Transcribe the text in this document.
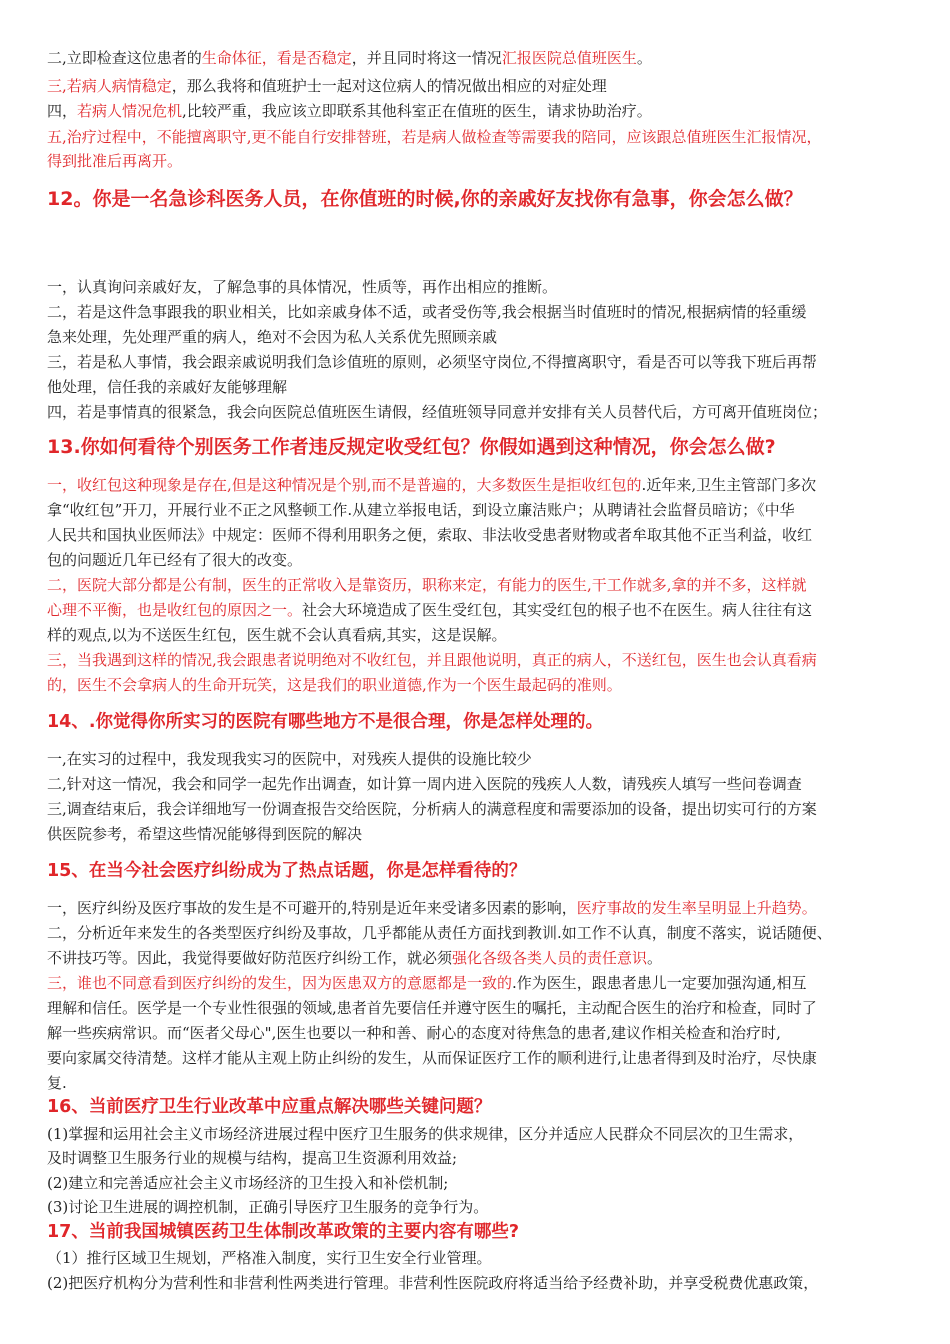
二,立即检查这位患者的生命体征，看是否稳定，并且同时将这一情况汇报医院总值班医生。
三,若病人病情稳定，那么我将和值班护士一起对这位病人的情况做出相应的对症处理
四，若病人情况危机,比较严重，我应该立即联系其他科室正在值班的医生，请求协助治疗。
五,治疗过程中，不能擅离职守,更不能自行安排替班，若是病人做检查等需要我的陪同，应该跟总值班医生汇报情况，
得到批准后再离开。
12。你是一名急诊科医务人员，在你值班的时候,你的亲戚好友找你有急事，你会怎么做？
一，认真询问亲戚好友，了解急事的具体情况，性质等，再作出相应的推断。
二，若是这件急事跟我的职业相关，比如亲戚身体不适，或者受伤等,我会根据当时值班时的情况,根据病情的轻重缓
急来处理，先处理严重的病人，绝对不会因为私人关系优先照顾亲戚
三，若是私人事情，我会跟亲戚说明我们急诊值班的原则，必须坚守岗位,不得擅离职守，看是否可以等我下班后再帮
他处理，信任我的亲戚好友能够理解
四，若是事情真的很紧急，我会向医院总值班医生请假，经值班领导同意并安排有关人员替代后，方可离开值班岗位；
13.你如何看待个别医务工作者违反规定收受红包？你假如遇到这种情况，你会怎么做?
一，收红包这种现象是存在,但是这种情况是个别,而不是普遍的，大多数医生是拒收红包的.近年来,卫生主管部门多次
拿“收红包”开刀，开展行业不正之风整顿工作.从建立举报电话，到设立廉洁账户；从聘请社会监督员暗访；《中华
人民共和国执业医师法》中规定：医师不得利用职务之便，索取、非法收受患者财物或者牟取其他不正当利益，收红
包的问题近几年已经有了很大的改变。
二，医院大部分都是公有制，医生的正常收入是靠资历，职称来定，有能力的医生,干工作就多,拿的并不多，这样就
心理不平衡，也是收红包的原因之一。社会大环境造成了医生受红包，其实受红包的根子也不在医生。病人往往有这
样的观点,以为不送医生红包，医生就不会认真看病,其实，这是误解。
三，当我遇到这样的情况,我会跟患者说明绝对不收红包，并且跟他说明，真正的病人，不送红包，医生也会认真看病
的，医生不会拿病人的生命开玩笑，这是我们的职业道德,作为一个医生最起码的准则。
14、.你觉得你所实习的医院有哪些地方不是很合理，你是怎样处理的。
一,在实习的过程中，我发现我实习的医院中，对残疾人提供的设施比较少
二,针对这一情况，我会和同学一起先作出调查，如计算一周内进入医院的残疾人人数，请残疾人填写一些问卷调查
三,调查结束后，我会详细地写一份调查报告交给医院，分析病人的满意程度和需要添加的设备，提出切实可行的方案
供医院参考，希望这些情况能够得到医院的解决
15、在当今社会医疗纠纷成为了热点话题，你是怎样看待的？
一，医疗纠纷及医疗事故的发生是不可避开的,特别是近年来受诸多因素的影响，医疗事故的发生率呈明显上升趋势。
二，分析近年来发生的各类型医疗纠纷及事故，几乎都能从责任方面找到教训.如工作不认真，制度不落实，说话随便、
不讲技巧等。因此，我觉得要做好防范医疗纠纷工作，就必须强化各级各类人员的责任意识。
三，谁也不同意看到医疗纠纷的发生，因为医患双方的意愿都是一致的.作为医生，跟患者患儿一定要加强沟通,相互
理解和信任。医学是一个专业性很强的领域,患者首先要信任并遵守医生的嘱托，主动配合医生的治疗和检查，同时了
解一些疾病常识。而“医者父母心",医生也要以一种和善、耐心的态度对待焦急的患者,建议作相关检查和治疗时,
要向家属交待清楚。这样才能从主观上防止纠纷的发生，从而保证医疗工作的顺利进行,让患者得到及时治疗，尽快康
复.
16、当前医疗卫生行业改革中应重点解决哪些关键问题？
(1)掌握和运用社会主义市场经济进展过程中医疗卫生服务的供求规律，区分并适应人民群众不同层次的卫生需求，
及时调整卫生服务行业的规模与结构，提高卫生资源利用效益;
(2)建立和完善适应社会主义市场经济的卫生投入和补偿机制;
(3)讨论卫生进展的调控机制，正确引导医疗卫生服务的竞争行为。
17、当前我国城镇医药卫生体制改革政策的主要内容有哪些?
（1）推行区域卫生规划，严格准入制度，实行卫生安全行业管理。
(2)把医疗机构分为营利性和非营利性两类进行管理。非营利性医院政府将适当给予经费补助，并享受税费优惠政策，
